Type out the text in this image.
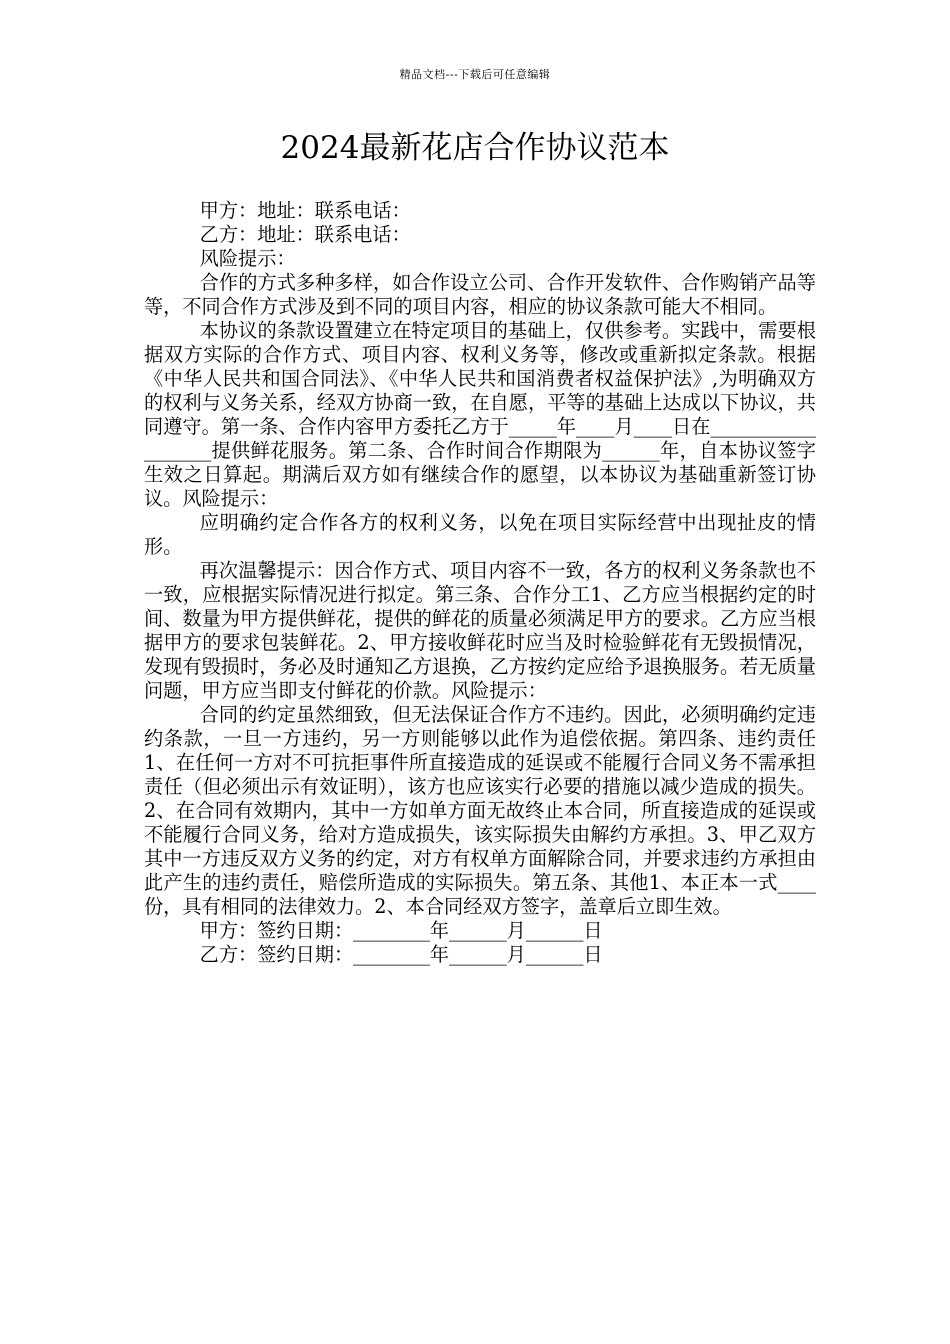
精品文档---下载后可任意编辑
2024最新花店合作协议范本

甲方：地址：联系电话：

乙方：地址：联系电话：

风险提示：

合作的方式多种多样，如合作设立公司、合作开发软件、合作购销产品等等，不同合作方式涉及到不同的项目内容，相应的协议条款可能大不相同。

本协议的条款设置建立在特定项目的基础上，仅供参考。实践中，需要根据双方实际的合作方式、项目内容、权利义务等，修改或重新拟定条款。根据《中华人民共和国合同法》、《中华人民共和国消费者权益保护法》,为明确双方的权利与义务关系，经双方协商一致，在自愿，平等的基础上达成以下协议，共同遵守。第一条、合作内容甲方委托乙方于_____年____月____日在___________ _______提供鲜花服务。第二条、合作时间合作期限为______年，自本协议签字生效之日算起。期满后双方如有继续合作的愿望，以本协议为基础重新签订协议。风险提示：

应明确约定合作各方的权利义务，以免在项目实际经营中出现扯皮的情形。

再次温馨提示：因合作方式、项目内容不一致，各方的权利义务条款也不一致，应根据实际情况进行拟定。第三条、合作分工1、乙方应当根据约定的时间、数量为甲方提供鲜花，提供的鲜花的质量必须满足甲方的要求。乙方应当根据甲方的要求包装鲜花。2、甲方接收鲜花时应当及时检验鲜花有无毁损情况，发现有毁损时，务必及时通知乙方退换，乙方按约定应给予退换服务。若无质量问题，甲方应当即支付鲜花的价款。风险提示：

合同的约定虽然细致，但无法保证合作方不违约。因此，必须明确约定违约条款，一旦一方违约，另一方则能够以此作为追偿依据。第四条、违约责任1、在任何一方对不可抗拒事件所直接造成的延误或不能履行合同义务不需承担责任（但必须出示有效证明），该方也应该实行必要的措施以减少造成的损失。2、在合同有效期内，其中一方如单方面无故终止本合同，所直接造成的延误或不能履行合同义务，给对方造成损失，该实际损失由解约方承担。3、甲乙双方其中一方违反双方义务的约定，对方有权单方面解除合同，并要求违约方承担由此产生的违约责任，赔偿所造成的实际损失。第五条、其他1、本正本一式____份，具有相同的法律效力。2、本合同经双方签字，盖章后立即生效。

甲方：签约日期：________年______月______日

乙方：签约日期：________年______月______日
